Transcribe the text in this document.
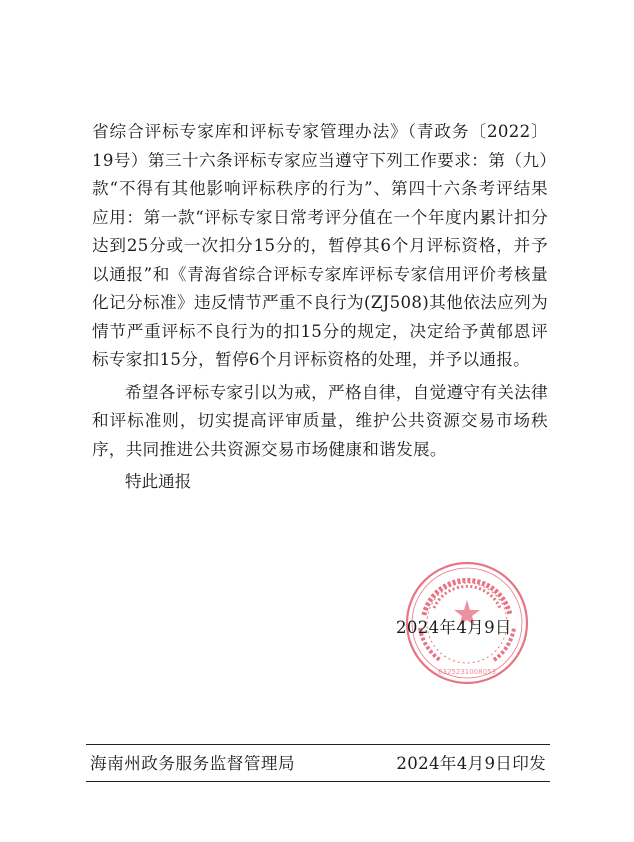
省综合评标专家库和评标专家管理办法》（青政务〔2022〕19号）第三十六条评标专家应当遵守下列工作要求：第（九）款“不得有其他影响评标秩序的行为”、第四十六条考评结果应用：第一款“评标专家日常考评分值在一个年度内累计扣分达到25分或一次扣分15分的，暂停其6个月评标资格，并予以通报”和《青海省综合评标专家库评标专家信用评价考核量化记分标准》违反情节严重不良行为(ZJ508)其他依法应列为情节严重评标不良行为的扣15分的规定，决定给予黄郁恩评标专家扣15分，暂停6个月评标资格的处理，并予以通报。

希望各评标专家引以为戒，严格自律，自觉遵守有关法律和评标准则，切实提高评审质量，维护公共资源交易市场秩序，共同推进公共资源交易市场健康和谐发展。

特此通报

6325231008053
2024年4月9日
海南州政务服务监督管理局	2024年4月9日印发
